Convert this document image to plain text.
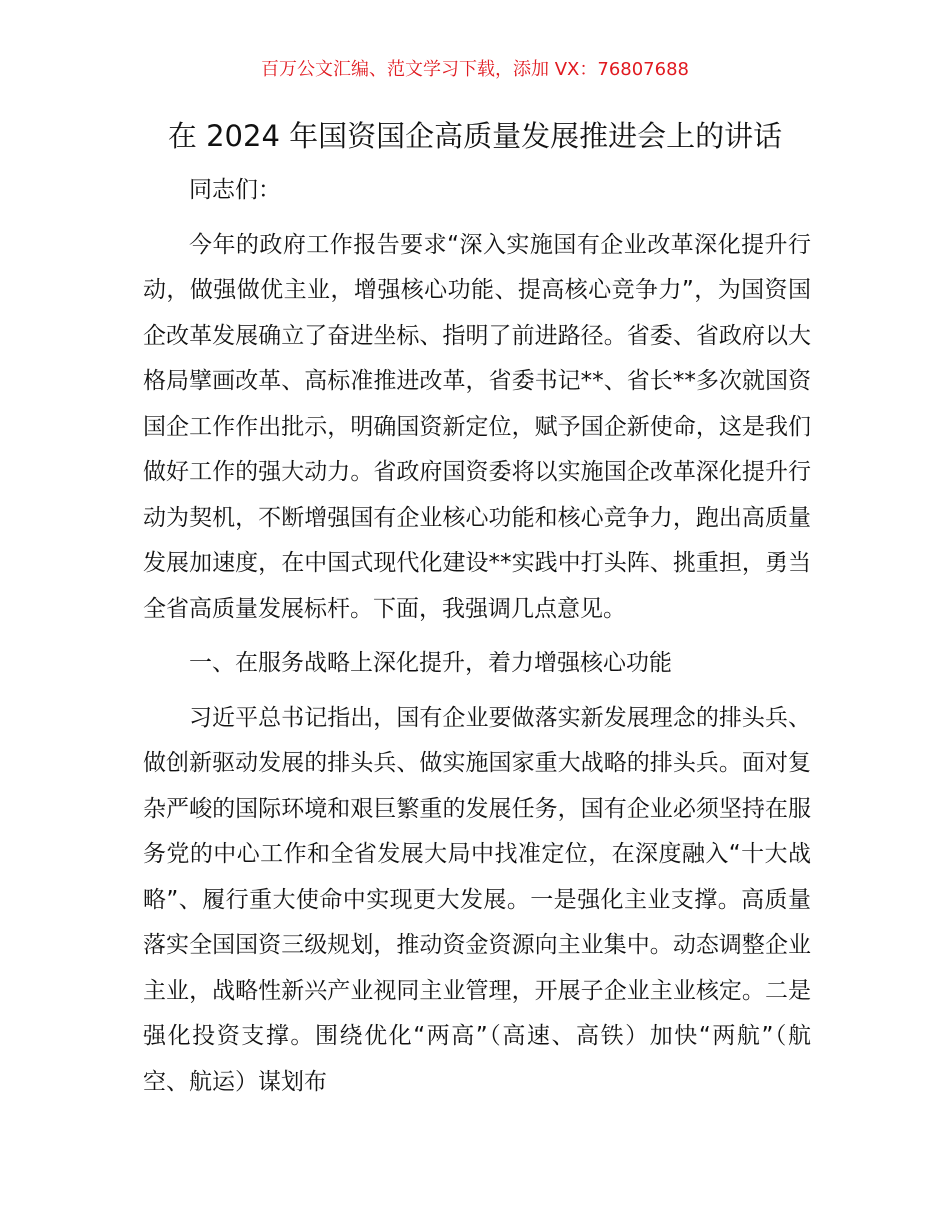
百万公文汇编、范文学习下载，添加 VX：76807688
在 2024 年国资国企高质量发展推进会上的讲话

同志们：

今年的政府工作报告要求“深入实施国有企业改革深化提升行动，做强做优主业，增强核心功能、提高核心竞争力”，为国资国企改革发展确立了奋进坐标、指明了前进路径。省委、省政府以大格局擘画改革、高标准推进改革，省委书记**、省长**多次就国资国企工作作出批示，明确国资新定位，赋予国企新使命，这是我们做好工作的强大动力。省政府国资委将以实施国企改革深化提升行动为契机，不断增强国有企业核心功能和核心竞争力，跑出高质量发展加速度，在中国式现代化建设**实践中打头阵、挑重担，勇当全省高质量发展标杆。下面，我强调几点意见。

一、在服务战略上深化提升，着力增强核心功能

习近平总书记指出，国有企业要做落实新发展理念的排头兵、做创新驱动发展的排头兵、做实施国家重大战略的排头兵。面对复杂严峻的国际环境和艰巨繁重的发展任务，国有企业必须坚持在服务党的中心工作和全省发展大局中找准定位，在深度融入“十大战略”、履行重大使命中实现更大发展。一是强化主业支撑。高质量落实全国国资三级规划，推动资金资源向主业集中。动态调整企业主业，战略性新兴产业视同主业管理，开展子企业主业核定。二是强化投资支撑。围绕优化“两高”（高速、高铁）加快“两航”（航空、航运）谋划布
